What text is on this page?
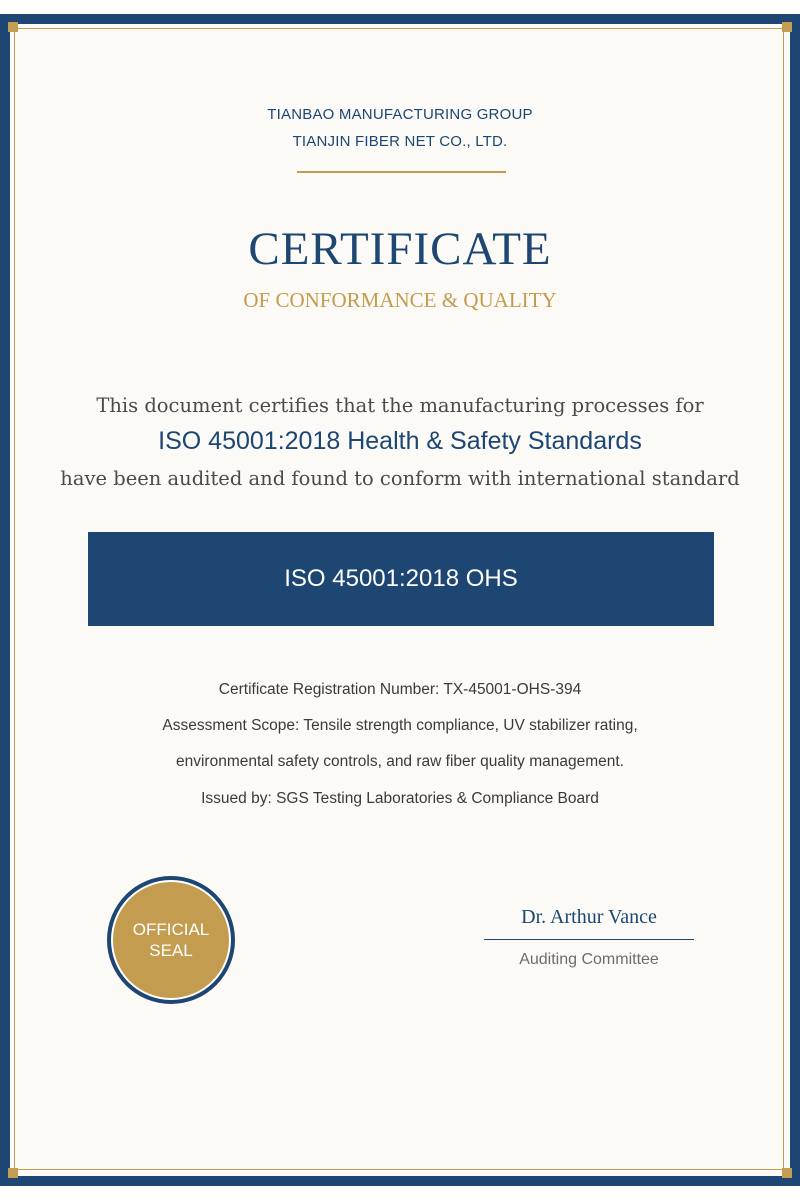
TIANBAO MANUFACTURING GROUP
TIANJIN FIBER NET CO., LTD.
CERTIFICATE
OF CONFORMANCE & QUALITY
This document certifies that the manufacturing processes for
ISO 45001:2018 Health & Safety Standards
have been audited and found to conform with international standard
ISO 45001:2018 OHS
Certificate Registration Number: TX-45001-OHS-394
Assessment Scope: Tensile strength compliance, UV stabilizer rating,
environmental safety controls, and raw fiber quality management.
Issued by: SGS Testing Laboratories & Compliance Board
OFFICIAL
SEAL
Dr. Arthur Vance
Auditing Committee
